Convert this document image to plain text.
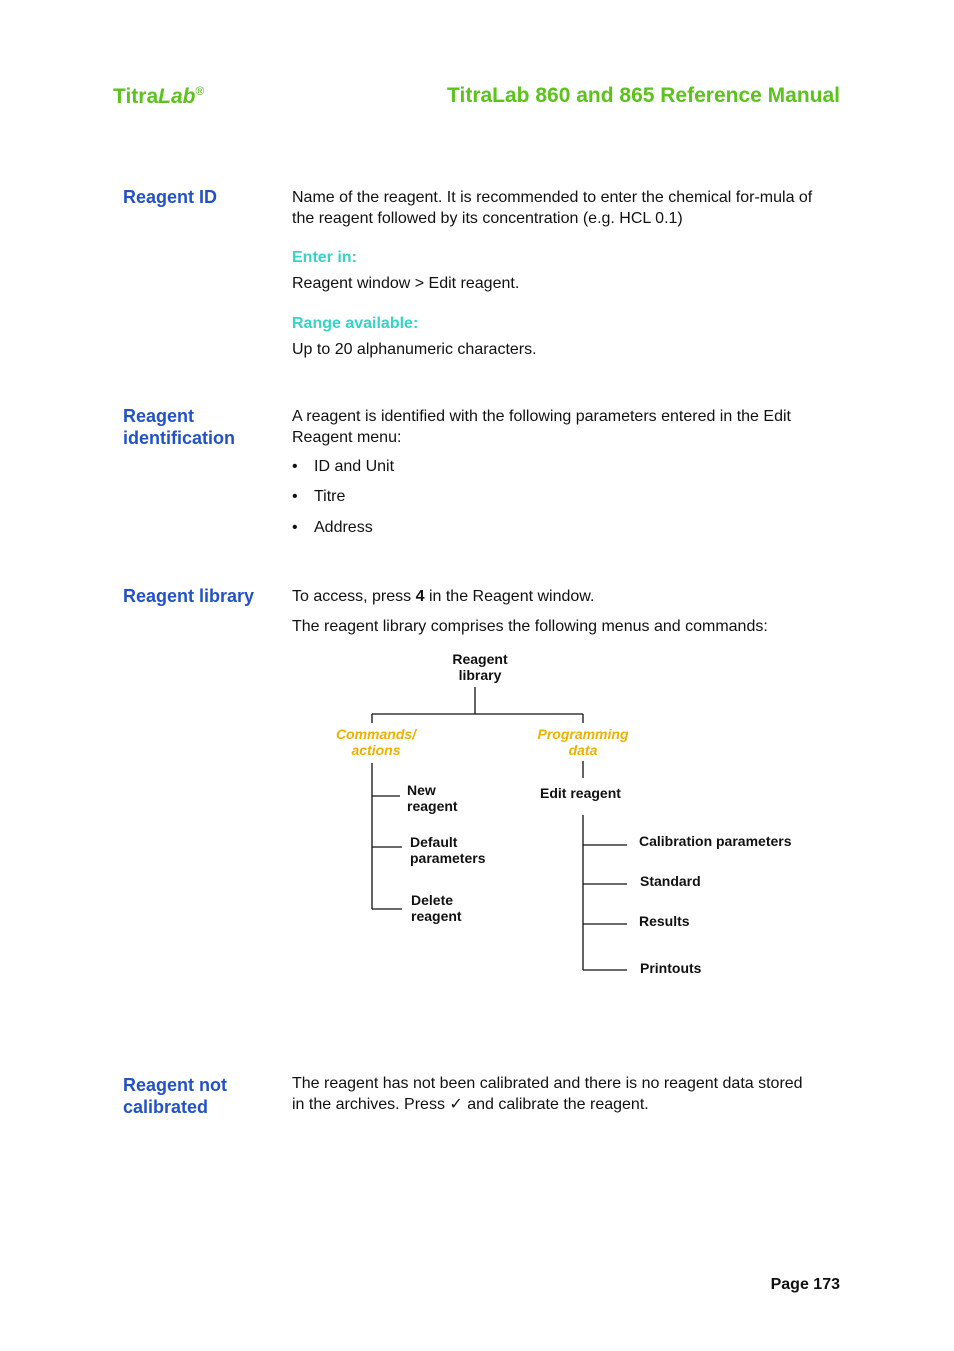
TitraLab®	TitraLab 860 and 865 Reference Manual
Reagent ID	Name of the reagent. It is recommended to enter the chemical for-mula of the reagent followed by its concentration (e.g. HCL 0.1)
Enter in:
Reagent window > Edit reagent.
Range available:
Up to 20 alphanumeric characters.
Reagent
identification
A reagent is identified with the following parameters entered in the Edit Reagent menu:
• ID and Unit
• Titre
• Address
Reagent library To access, press 4 in the Reagent window.
The reagent library comprises the following menus and commands:
Reagent
library
Commands/
actions
Programming
data
New
reagent
Default
parameters
Delete
reagent
Edit reagent
Calibration parameters
Standard
Results
Printouts
Reagent not
calibrated
The reagent has not been calibrated and there is no reagent data stored in the archives. Press ✓ and calibrate the reagent.
Page 173
